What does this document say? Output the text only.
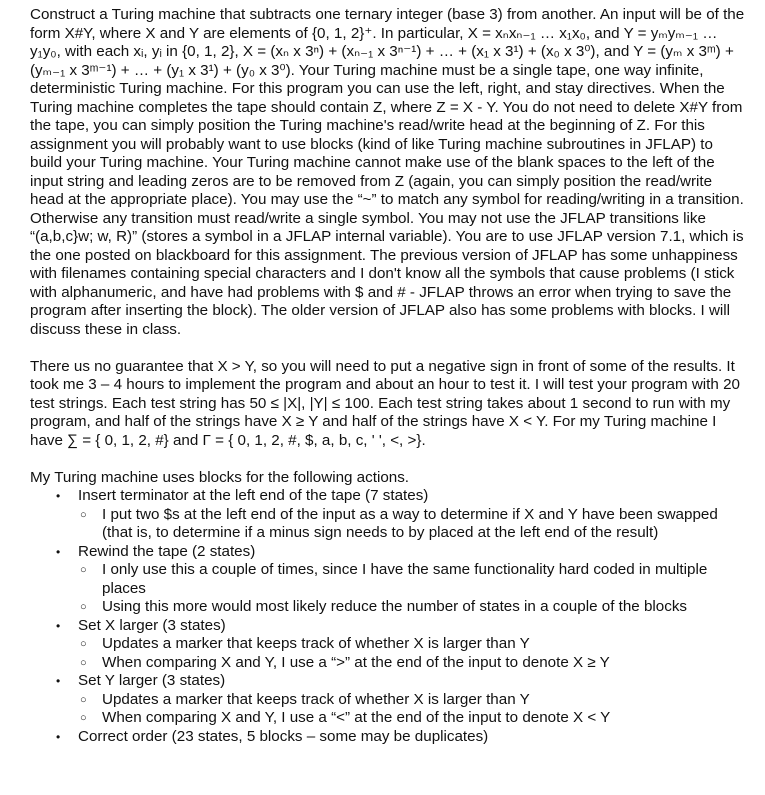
Construct a Turing machine that subtracts one ternary integer (base 3) from another. An input will be of the form X#Y, where X and Y are elements of {0, 1, 2}⁺. In particular, X = xₙxₙ₋₁ … x₁x₀, and Y = yₘyₘ₋₁ … y₁y₀, with each xᵢ, yᵢ in {0, 1, 2}, X = (xₙ x 3ⁿ) + (xₙ₋₁ x 3ⁿ⁻¹) + … + (x₁ x 3¹) + (x₀ x 3⁰), and Y = (yₘ x 3ᵐ) + (yₘ₋₁ x 3ᵐ⁻¹) + … + (y₁ x 3¹) + (y₀ x 3⁰). Your Turing machine must be a single tape, one way infinite, deterministic Turing machine. For this program you can use the left, right, and stay directives. When the Turing machine completes the tape should contain Z, where Z = X - Y. You do not need to delete X#Y from the tape, you can simply position the Turing machine's read/write head at the beginning of Z. For this assignment you will probably want to use blocks (kind of like Turing machine subroutines in JFLAP) to build your Turing machine. Your Turing machine cannot make use of the blank spaces to the left of the input string and leading zeros are to be removed from Z (again, you can simply position the read/write head at the appropriate place). You may use the “~” to match any symbol for reading/writing in a transition. Otherwise any transition must read/write a single symbol. You may not use the JFLAP transitions like “(a,b,c}w; w, R)” (stores a symbol in a JFLAP internal variable). You are to use JFLAP version 7.1, which is the one posted on blackboard for this assignment. The previous version of JFLAP has some unhappiness with filenames containing special characters and I don't know all the symbols that cause problems (I stick with alphanumeric, and have had problems with $ and # - JFLAP throws an error when trying to save the program after inserting the block). The older version of JFLAP also has some problems with blocks. I will discuss these in class.

There us no guarantee that X > Y, so you will need to put a negative sign in front of some of the results. It took me 3 – 4 hours to implement the program and about an hour to test it. I will test your program with 20 test strings. Each test string has 50 ≤ |X|, |Y| ≤ 100. Each test string takes about 1 second to run with my program, and half of the strings have X ≥ Y and half of the strings have X < Y. For my Turing machine I have ∑ = { 0, 1, 2, #} and Γ = { 0, 1, 2, #, $, a, b, c, ' ', <, >}.

My Turing machine uses blocks for the following actions.

• Insert terminator at the left end of the tape (7 states)
○ I put two $s at the left end of the input as a way to determine if X and Y have been swapped (that is, to determine if a minus sign needs to by placed at the left end of the result)
• Rewind the tape (2 states)
○ I only use this a couple of times, since I have the same functionality hard coded in multiple places
○ Using this more would most likely reduce the number of states in a couple of the blocks
• Set X larger (3 states)
○ Updates a marker that keeps track of whether X is larger than Y
○ When comparing X and Y, I use a “>” at the end of the input to denote X ≥ Y
• Set Y larger (3 states)
○ Updates a marker that keeps track of whether X is larger than Y
○ When comparing X and Y, I use a “<” at the end of the input to denote X < Y
• Correct order (23 states, 5 blocks – some may be duplicates)
